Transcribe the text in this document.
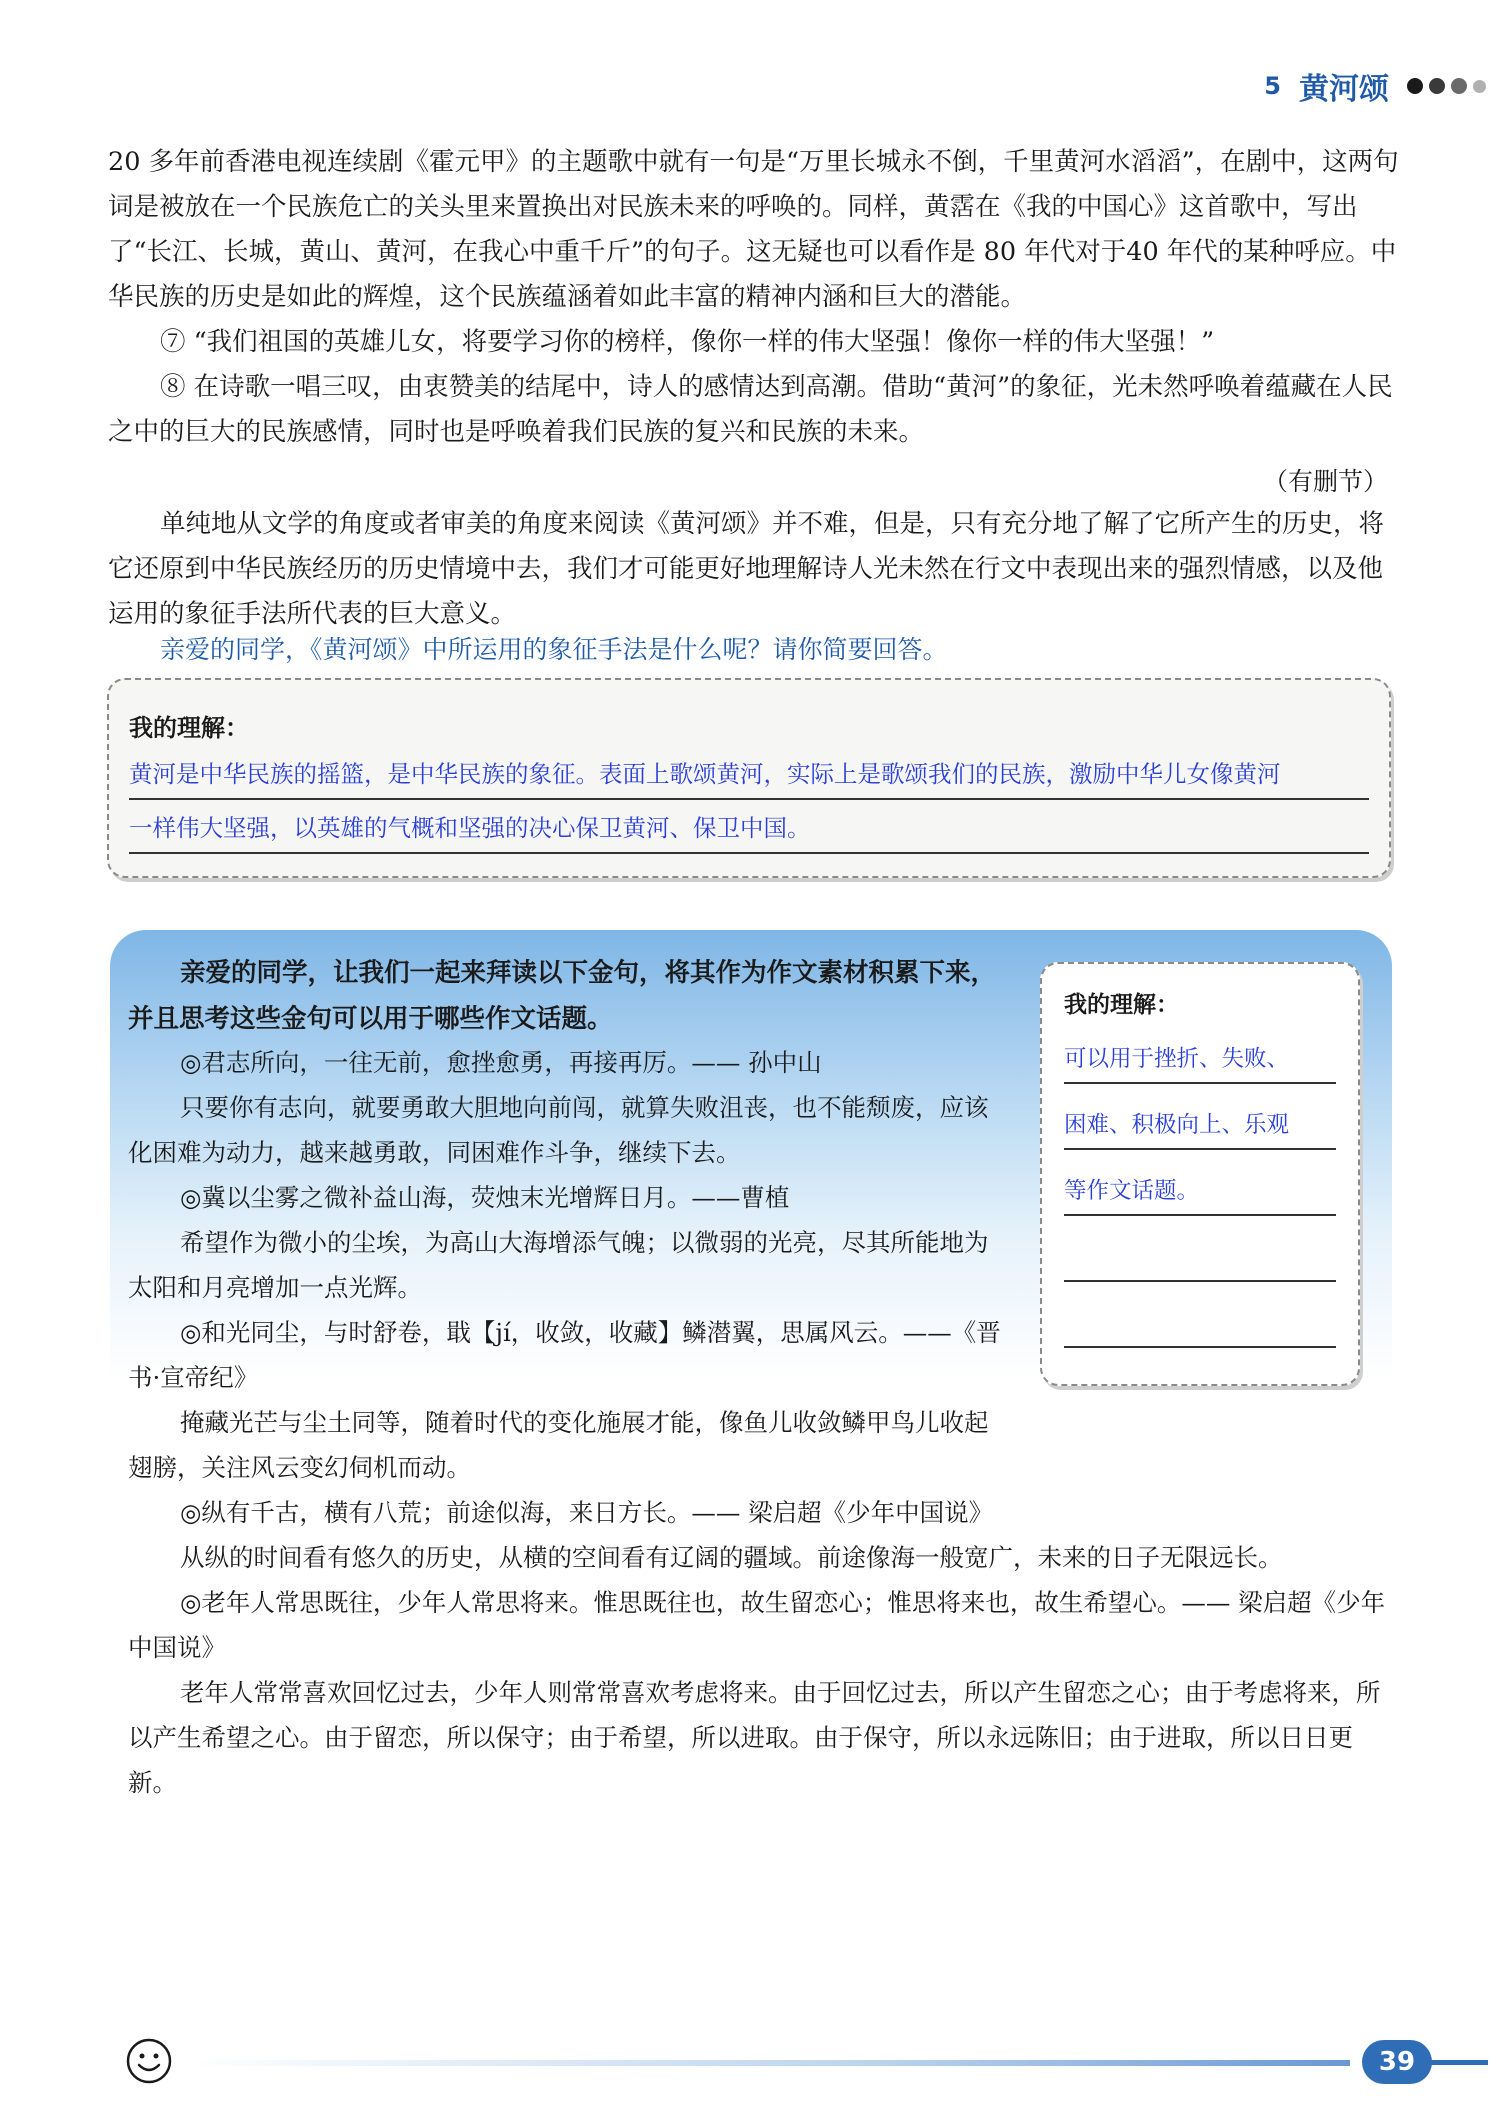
5 黄河颂

20 多年前香港电视连续剧《霍元甲》的主题歌中就有一句是“万里长城永不倒，千里黄河水滔滔”，在剧中，这两句词是被放在一个民族危亡的关头里来置换出对民族未来的呼唤的。同样，黄霑在《我的中国心》这首歌中，写出了“长江、长城，黄山、黄河，在我心中重千斤”的句子。这无疑也可以看作是 80 年代对于40 年代的某种呼应。中华民族的历史是如此的辉煌，这个民族蕴涵着如此丰富的精神内涵和巨大的潜能。

⑦ “我们祖国的英雄儿女，将要学习你的榜样，像你一样的伟大坚强！像你一样的伟大坚强！”

⑧ 在诗歌一唱三叹，由衷赞美的结尾中，诗人的感情达到高潮。借助“黄河”的象征，光未然呼唤着蕴藏在人民之中的巨大的民族感情，同时也是呼唤着我们民族的复兴和民族的未来。

（有删节）

单纯地从文学的角度或者审美的角度来阅读《黄河颂》并不难，但是，只有充分地了解了它所产生的历史，将它还原到中华民族经历的历史情境中去，我们才可能更好地理解诗人光未然在行文中表现出来的强烈情感，以及他运用的象征手法所代表的巨大意义。

亲爱的同学，《黄河颂》中所运用的象征手法是什么呢？请你简要回答。
我的理解：
黄河是中华民族的摇篮，是中华民族的象征。表面上歌颂黄河，实际上是歌颂我们的民族，激励中华儿女像黄河
一样伟大坚强，以英雄的气概和坚强的决心保卫黄河、保卫中国。

亲爱的同学，让我们一起来拜读以下金句，将其作为作文素材积累下来，并且思考这些金句可以用于哪些作文话题。

◎君志所向，一往无前，愈挫愈勇，再接再厉。—— 孙中山

只要你有志向，就要勇敢大胆地向前闯，就算失败沮丧，也不能颓废，应该化困难为动力，越来越勇敢，同困难作斗争，继续下去。

◎冀以尘雾之微补益山海，荧烛末光增辉日月。——曹植

希望作为微小的尘埃，为高山大海增添气魄；以微弱的光亮，尽其所能地为太阳和月亮增加一点光辉。

◎和光同尘，与时舒卷，戢【jí，收敛，收藏】鳞潜翼，思属风云。——《晋书·宣帝纪》

掩藏光芒与尘土同等，随着时代的变化施展才能，像鱼儿收敛鳞甲鸟儿收起翅膀，关注风云变幻伺机而动。

◎纵有千古，横有八荒；前途似海，来日方长。—— 梁启超《少年中国说》

从纵的时间看有悠久的历史，从横的空间看有辽阔的疆域。前途像海一般宽广，未来的日子无限远长。

◎老年人常思既往，少年人常思将来。惟思既往也，故生留恋心；惟思将来也，故生希望心。—— 梁启超《少年中国说》

老年人常常喜欢回忆过去，少年人则常常喜欢考虑将来。由于回忆过去，所以产生留恋之心；由于考虑将来，所以产生希望之心。由于留恋，所以保守；由于希望，所以进取。由于保守，所以永远陈旧；由于进取，所以日日更新。

我的理解：
可以用于挫折、失败、
困难、积极向上、乐观
等作文话题。
39
